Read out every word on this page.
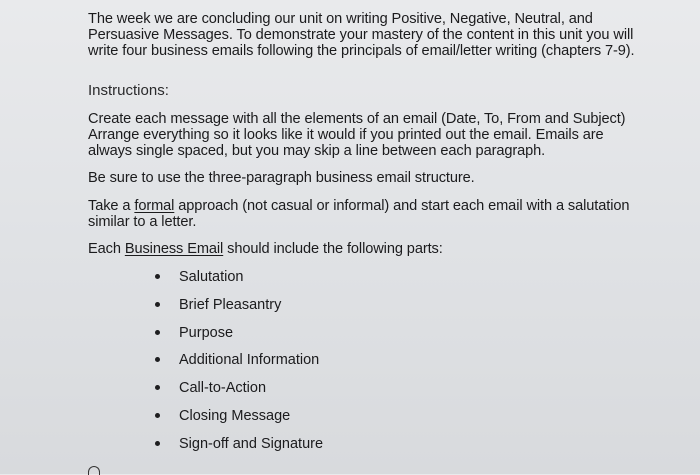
The week we are concluding our unit on writing Positive, Negative, Neutral, and

Persuasive Messages. To demonstrate your mastery of the content in this unit you will

write four business emails following the principals of email/letter writing (chapters 7-9).

Instructions:

Create each message with all the elements of an email (Date, To, From and Subject)

Arrange everything so it looks like it would if you printed out the email. Emails are

always single spaced, but you may skip a line between each paragraph.

Be sure to use the three-paragraph business email structure.

Take a formal approach (not casual or informal) and start each email with a salutation

similar to a letter.

Each Business Email should include the following parts:

Salutation
Brief Pleasantry
Purpose
Additional Information
Call-to-Action
Closing Message
Sign-off and Signature
